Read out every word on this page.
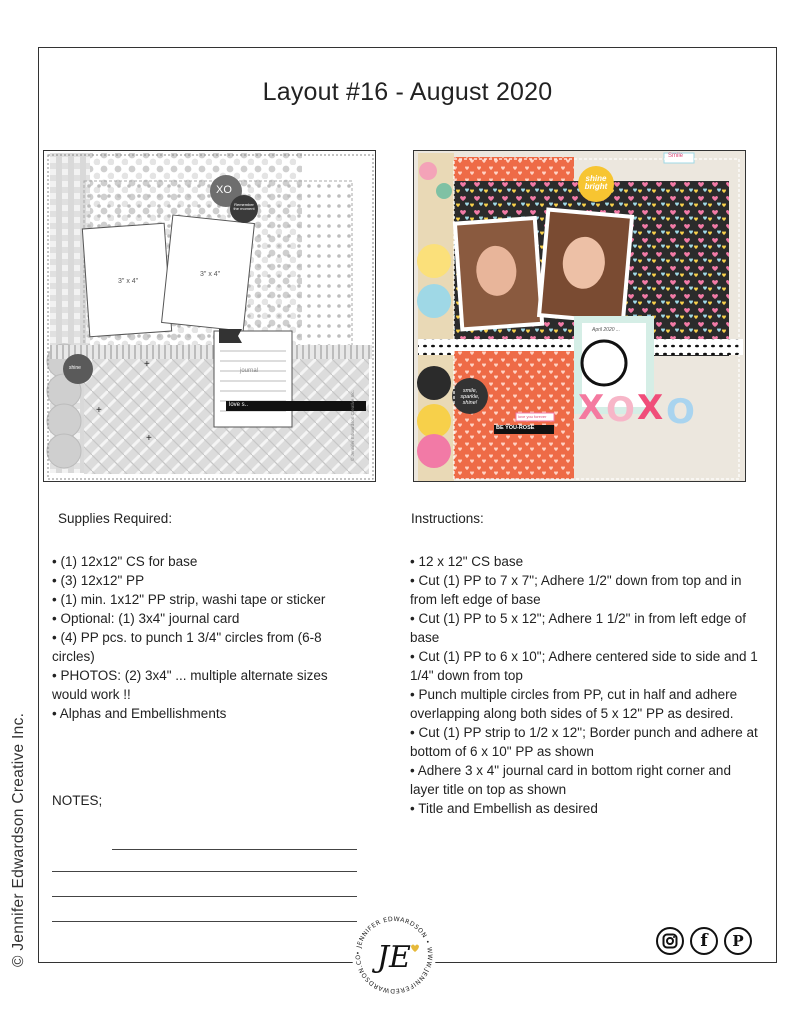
Layout #16 - August 2020
+
+
+
3" x 4"
3" x 4"
XO
Remember the moment
shine	journal
love s..	© Jennifer Edwardson Creative Inc.	X O X O
shine bright
Smile
smile, sparkle, shine!
April 2020 ...
BE YOU-ROSE
love you forever
Supplies Required:
• (1) 12x12" CS for base
• (3) 12x12" PP
• (1) min. 1x12" PP strip, washi tape or sticker
• Optional: (1) 3x4" journal card
• (4) PP pcs. to punch 1 3/4" circles from (6-8 circles)
• PHOTOS: (2) 3x4" ... multiple alternate sizes would work !!
• Alphas and Embellishments
Instructions:
• 12 x 12" CS base
• Cut (1) PP to 7 x 7"; Adhere 1/2" down from top and in from left edge of base
• Cut (1) PP to 5 x 12"; Adhere 1 1/2" in from left edge of base
• Cut (1) PP to 6 x 10"; Adhere centered side to side and 1 1/4" down from top
• Punch multiple circles from PP, cut in half and adhere overlapping along both sides of 5 x 12" PP as desired.
• Cut (1) PP strip to 1/2 x 12"; Border punch and adhere at bottom of 6 x 10" PP as shown
• Adhere 3 x 4" journal card in bottom right corner and layer title on top as shown
• Title and Embellish as desired
NOTES;
© Jennifer Edwardson Creative Inc.	• JENNIFER EDWARDSON • WWW.JENNIFEREDWARDSON.CO JE	f P
